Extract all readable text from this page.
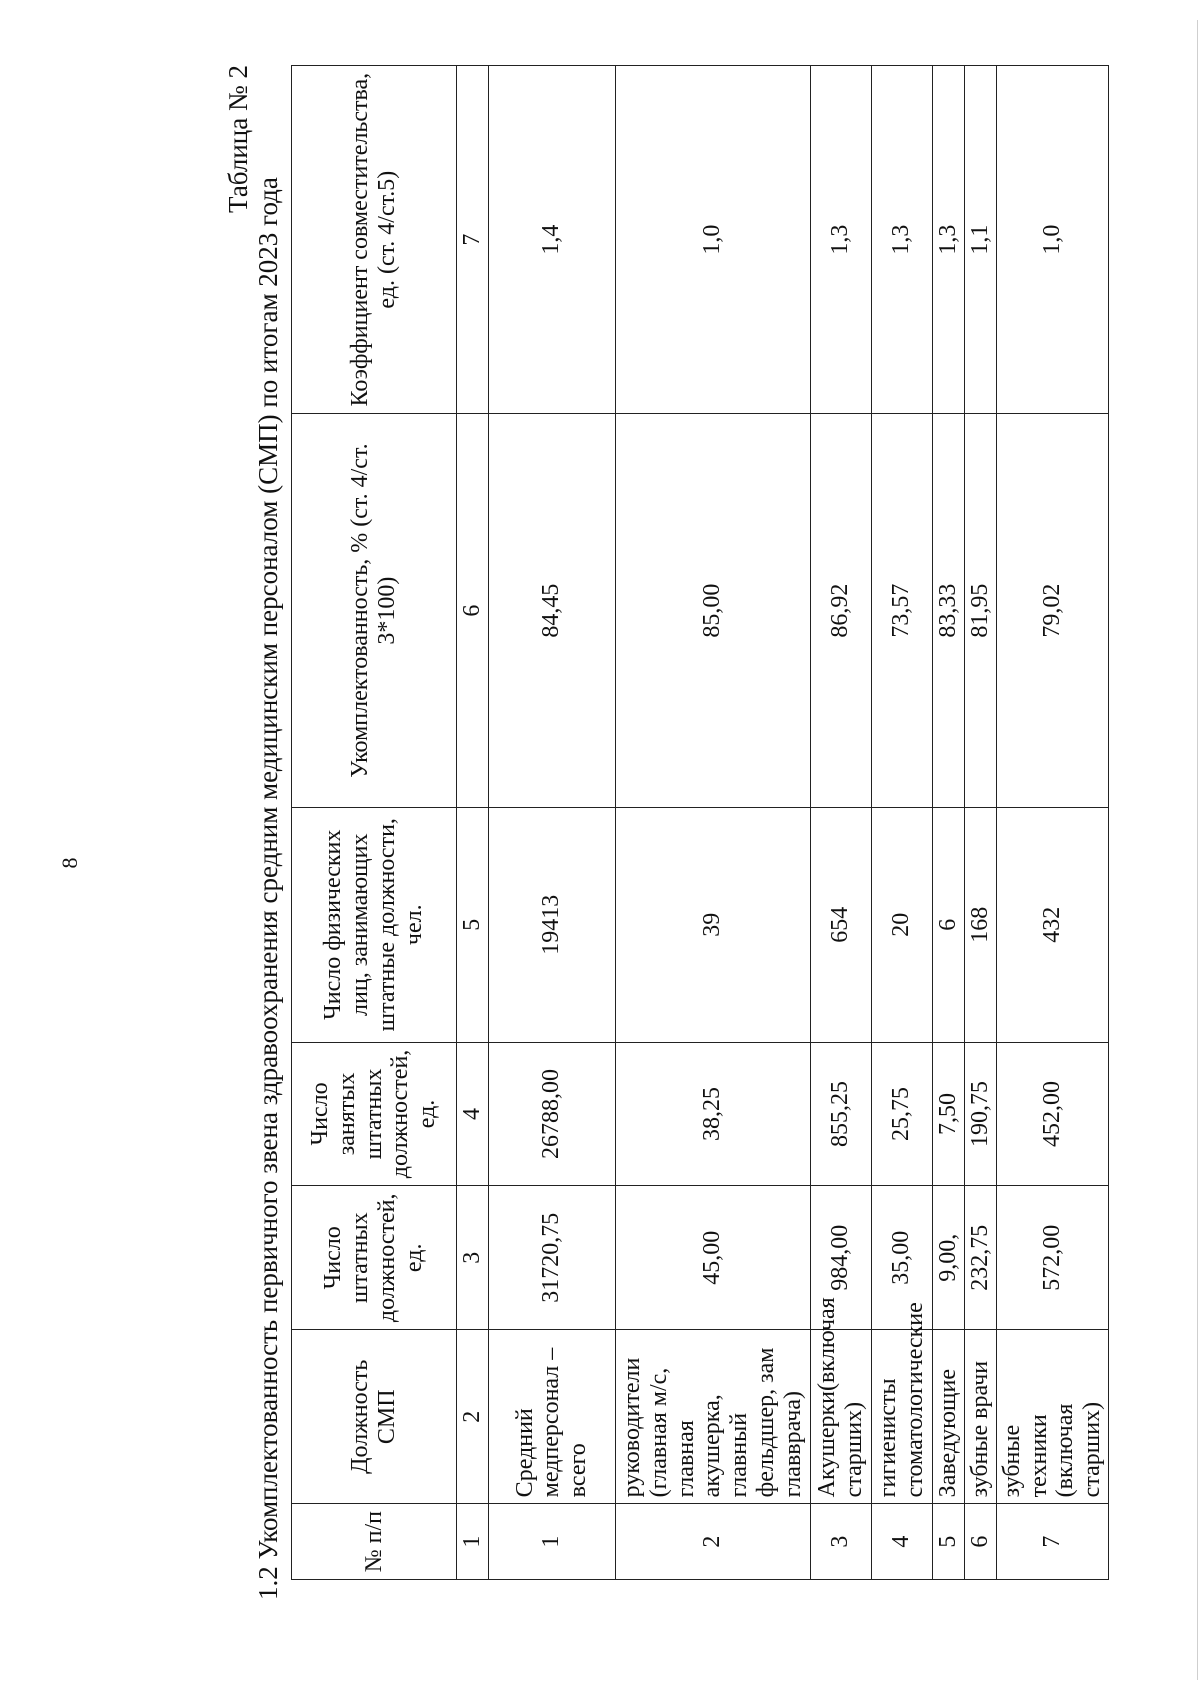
8
Таблица № 2
1.2 Укомплектованность первичного звена здравоохранения средним медицинским персоналом (СМП) по итогам 2023 года	№ п/п	Должность СМП	Число штатных должностей, ед.	Число занятых штатных должностей, ед.	Число физических лиц, занимающих штатные должности, чел.	Укомплектованность, % (ст. 4/ст. 3*100)	Коэффициент совместительства, ед. (ст. 4/ст.5)
1	2	3	4	5	6	7
1	Средний медперсонал – всего	31720,75	26788,00	19413	84,45	1,4
2	руководители (главная м/с, главная акушерка, главный фельдшер, зам главврача)	45,00	38,25	39	85,00	1,0
3	Акушерки(включая старших)	984,00	855,25	654	86,92	1,3
4	гигиенисты стоматологические	35,00	25,75	20	73,57	1,3
5	Заведующие	9,00,	7,50	6	83,33	1,3
6	зубные врачи	232,75	190,75	168	81,95	1,1
7	зубные техники (включая старших)	572,00	452,00	432	79,02	1,0
